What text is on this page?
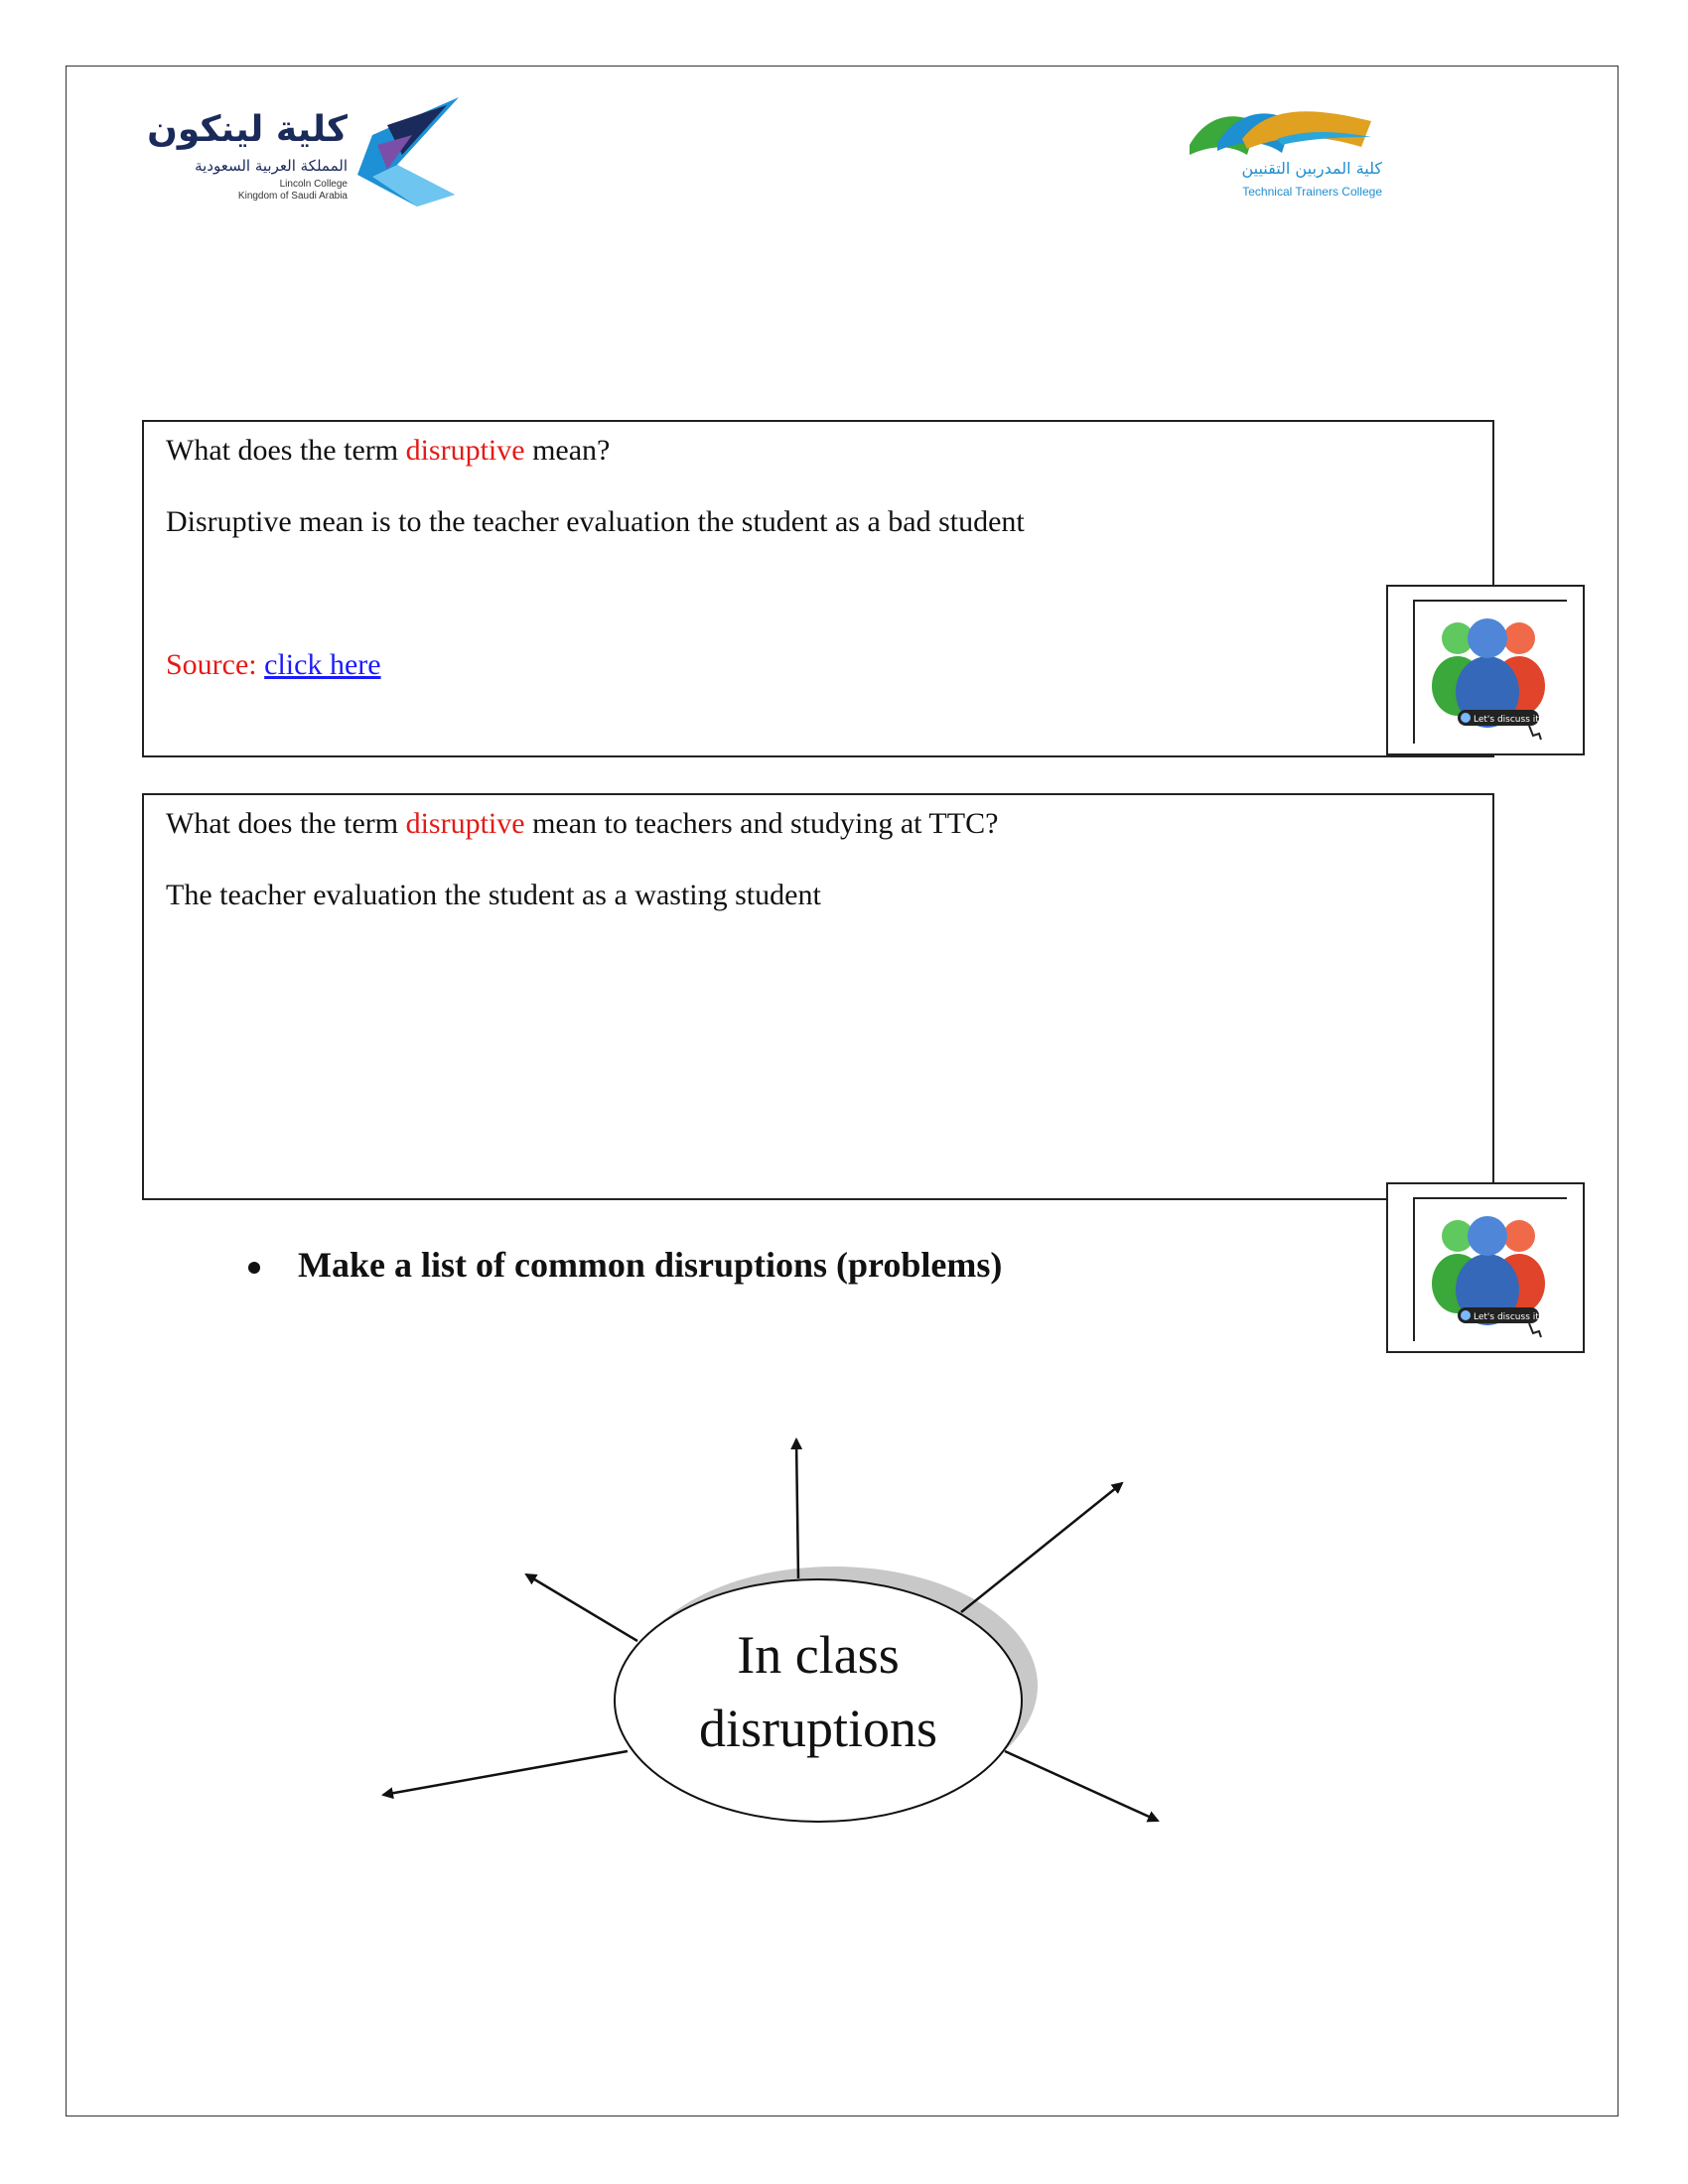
كلية لينكون
المملكة العربية السعودية
Lincoln College
Kingdom of Saudi Arabia
كلية المدربين التقنيين
Technical Trainers College
What does the term disruptive mean?
Disruptive mean is to the teacher evaluation the student as a bad student
Source: click here
What does the term disruptive mean to teachers and studying at TTC?
The teacher evaluation the student as a wasting student
Let's discuss it
Let's discuss it
Make a list of common disruptions (problems)
In class
disruptions
